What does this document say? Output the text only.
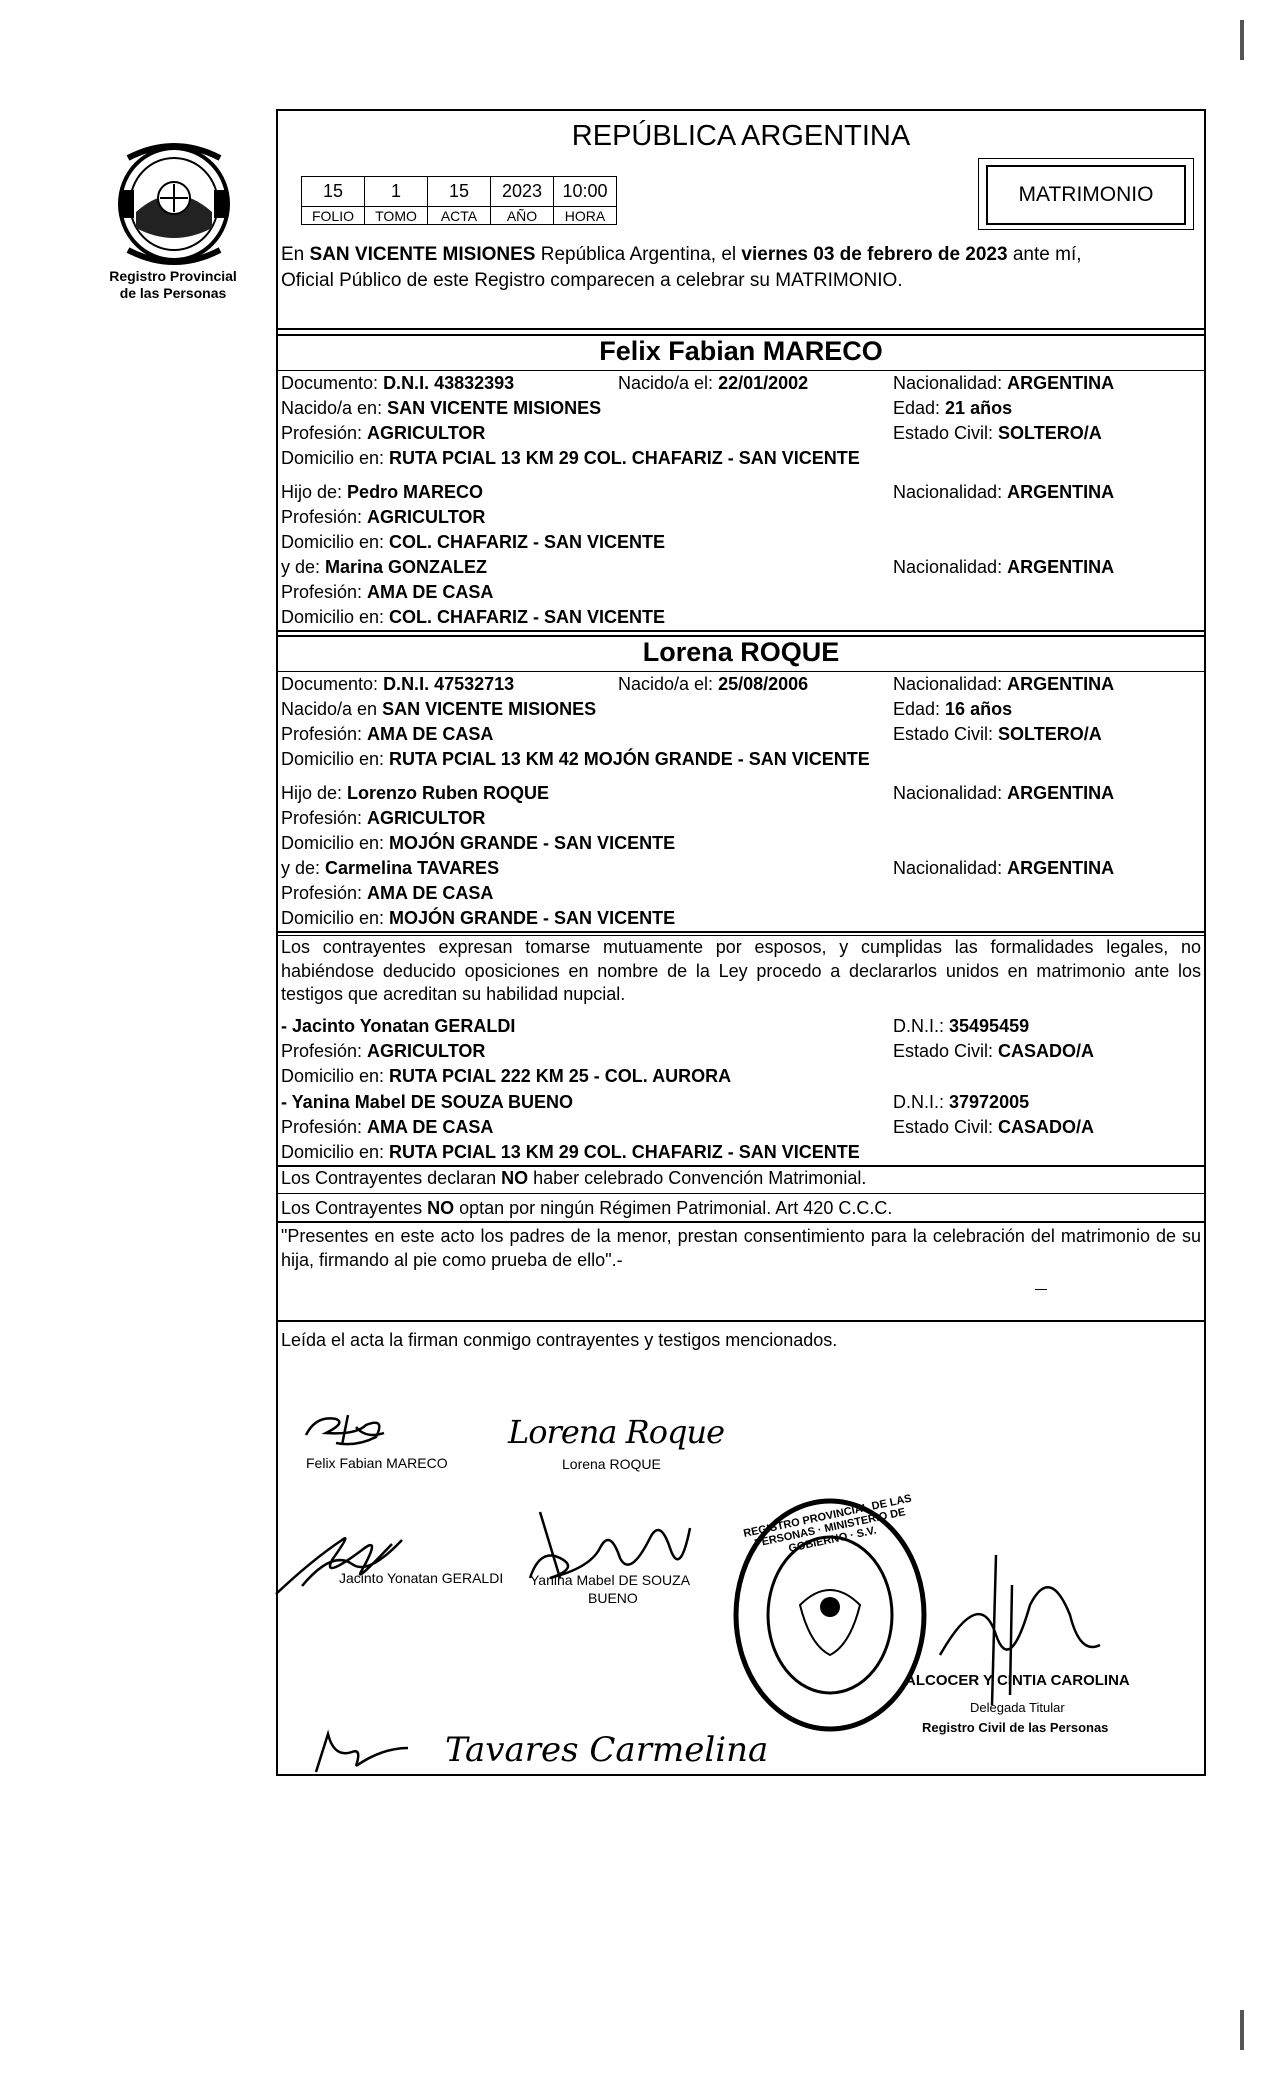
Registro Provincial
de las Personas
REPÚBLICA ARGENTINA
15	1	15	2023	10:00
FOLIO	TOMO	ACTA	AÑO	HORA
MATRIMONIO
En SAN VICENTE MISIONES República Argentina, el viernes 03 de febrero de 2023 ante mí,
Oficial Público de este Registro comparecen a celebrar su MATRIMONIO.
Felix Fabian MARECO
Documento: D.N.I. 43832393	Nacido/a el: 22/01/2002	Nacionalidad: ARGENTINA
Nacido/a en: SAN VICENTE MISIONES	Edad: 21 años
Profesión: AGRICULTOR	Estado Civil: SOLTERO/A
Domicilio en: RUTA PCIAL 13 KM 29 COL. CHAFARIZ - SAN VICENTE
Hijo de: Pedro MARECO	Nacionalidad: ARGENTINA
Profesión: AGRICULTOR
Domicilio en: COL. CHAFARIZ - SAN VICENTE
y de: Marina GONZALEZ	Nacionalidad: ARGENTINA
Profesión: AMA DE CASA
Domicilio en: COL. CHAFARIZ - SAN VICENTE
Lorena ROQUE
Documento: D.N.I. 47532713	Nacido/a el: 25/08/2006	Nacionalidad: ARGENTINA
Nacido/a en SAN VICENTE MISIONES	Edad: 16 años
Profesión: AMA DE CASA	Estado Civil: SOLTERO/A
Domicilio en: RUTA PCIAL 13 KM 42 MOJÓN GRANDE - SAN VICENTE
Hijo de: Lorenzo Ruben ROQUE	Nacionalidad: ARGENTINA
Profesión: AGRICULTOR
Domicilio en: MOJÓN GRANDE - SAN VICENTE
y de: Carmelina TAVARES	Nacionalidad: ARGENTINA
Profesión: AMA DE CASA
Domicilio en: MOJÓN GRANDE - SAN VICENTE
Los contrayentes expresan tomarse mutuamente por esposos, y cumplidas las formalidades legales, no habiéndose deducido oposiciones en nombre de la Ley procedo a declararlos unidos en matrimonio ante los testigos que acreditan su habilidad nupcial.
- Jacinto Yonatan GERALDI	D.N.I.: 35495459
Profesión: AGRICULTOR	Estado Civil: CASADO/A
Domicilio en: RUTA PCIAL 222 KM 25 - COL. AURORA
- Yanina Mabel DE SOUZA BUENO	D.N.I.: 37972005
Profesión: AMA DE CASA	Estado Civil: CASADO/A
Domicilio en: RUTA PCIAL 13 KM 29 COL. CHAFARIZ - SAN VICENTE
Los Contrayentes declaran NO haber celebrado Convención Matrimonial.
Los Contrayentes NO optan por ningún Régimen Patrimonial. Art 420 C.C.C.
"Presentes en este acto los padres de la menor, prestan consentimiento para la celebración del matrimonio de su hija, firmando al pie como prueba de ello".-
Leída el acta la firman conmigo contrayentes y testigos mencionados.
Felix Fabian MARECO
Lorena Roque
Lorena ROQUE
Jacinto Yonatan GERALDI Yanina Mabel DE SOUZA
BUENO
REGISTRO PROVINCIAL DE LAS PERSONAS · MINISTERIO DE GOBIERNO · S.V.
ALCOCER Y CINTIA CAROLINA
Delegada Titular
Registro Civil de las Personas
Tavares Carmelina
